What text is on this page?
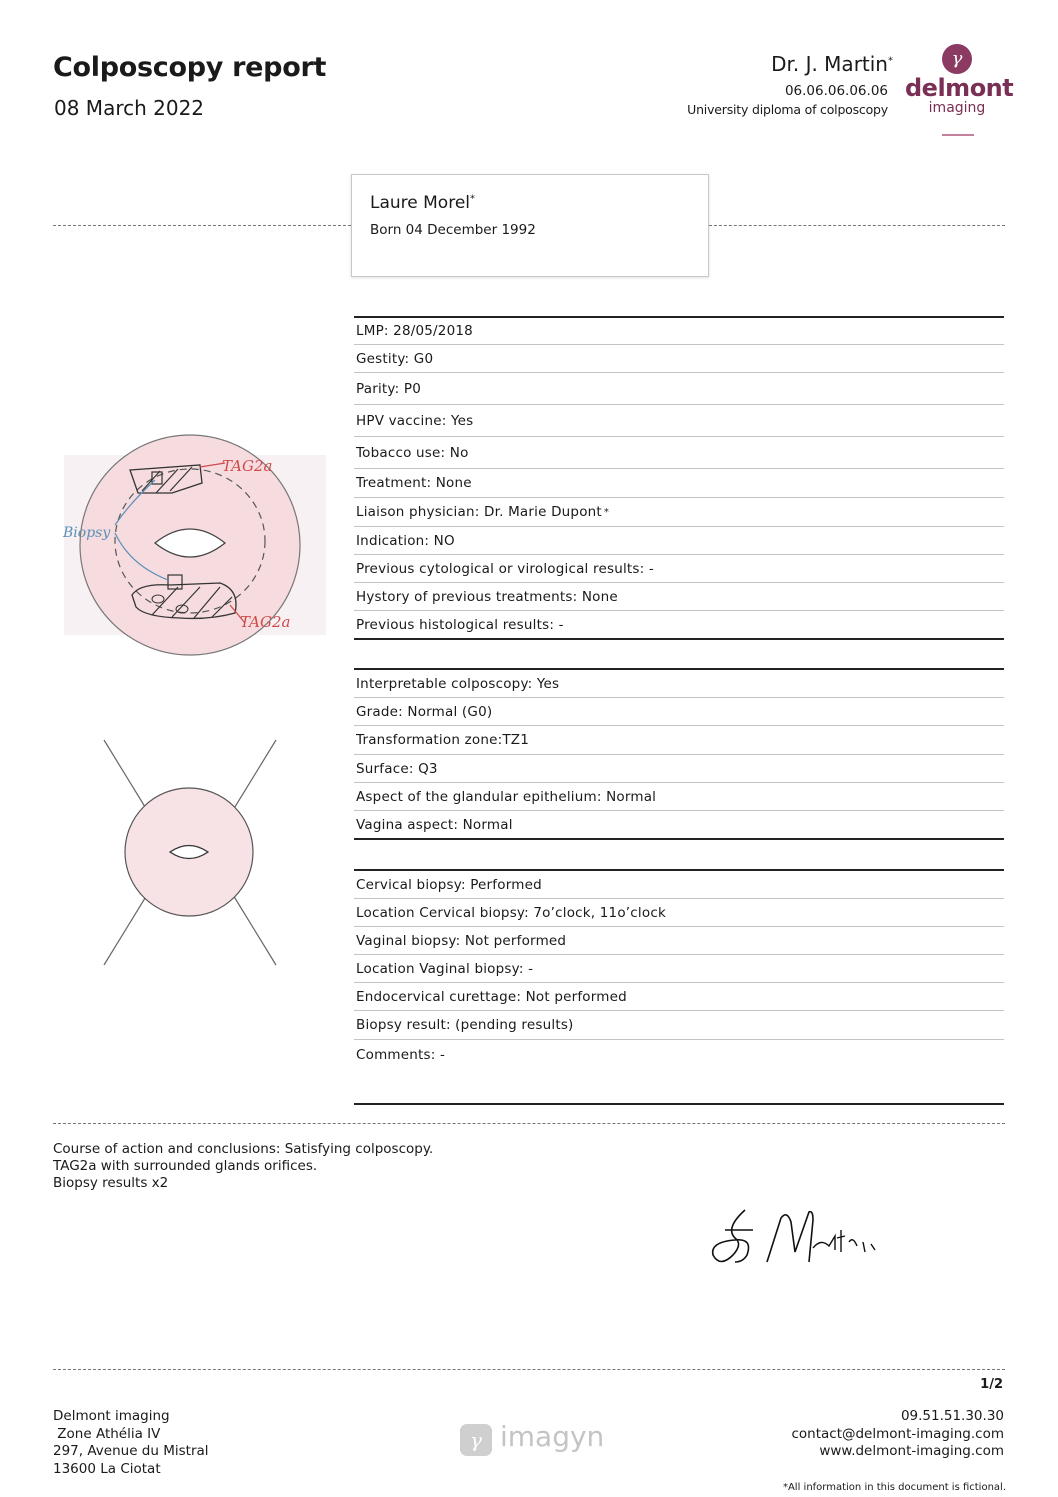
Colposcopy report
08 March 2022
Dr. J. Martin*
06.06.06.06.06
University diploma of colposcopy
γ
delmont
imaging
Laure Morel*
Born 04 December 1992
TAG2a
TAG2a
Biopsy
LMP: 28/05/2018
Gestity: G0
Parity: P0
HPV vaccine: Yes
Tobacco use: No
Treatment: None
Liaison physician: Dr. Marie Dupont *
Indication: NO
Previous cytological or virological results: -
Hystory of previous treatments: None
Previous histological results: -
Interpretable colposcopy: Yes
Grade: Normal (G0)
Transformation zone:TZ1
Surface: Q3
Aspect of the glandular epithelium: Normal
Vagina aspect: Normal
Cervical biopsy: Performed
Location Cervical biopsy: 7o’clock, 11o’clock
Vaginal biopsy: Not performed
Location Vaginal biopsy: -
Endocervical curettage: Not performed
Biopsy result: (pending results)
Comments: -
Course of action and conclusions: Satisfying colposcopy.
TAG2a with surrounded glands orifices.
Biopsy results x2
1/2
Delmont imaging
Zone Athélia IV
297, Avenue du Mistral
13600 La Ciotat
γ imagyn
09.51.51.30.30
contact@delmont-imaging.com
www.delmont-imaging.com
*All information in this document is fictional.
